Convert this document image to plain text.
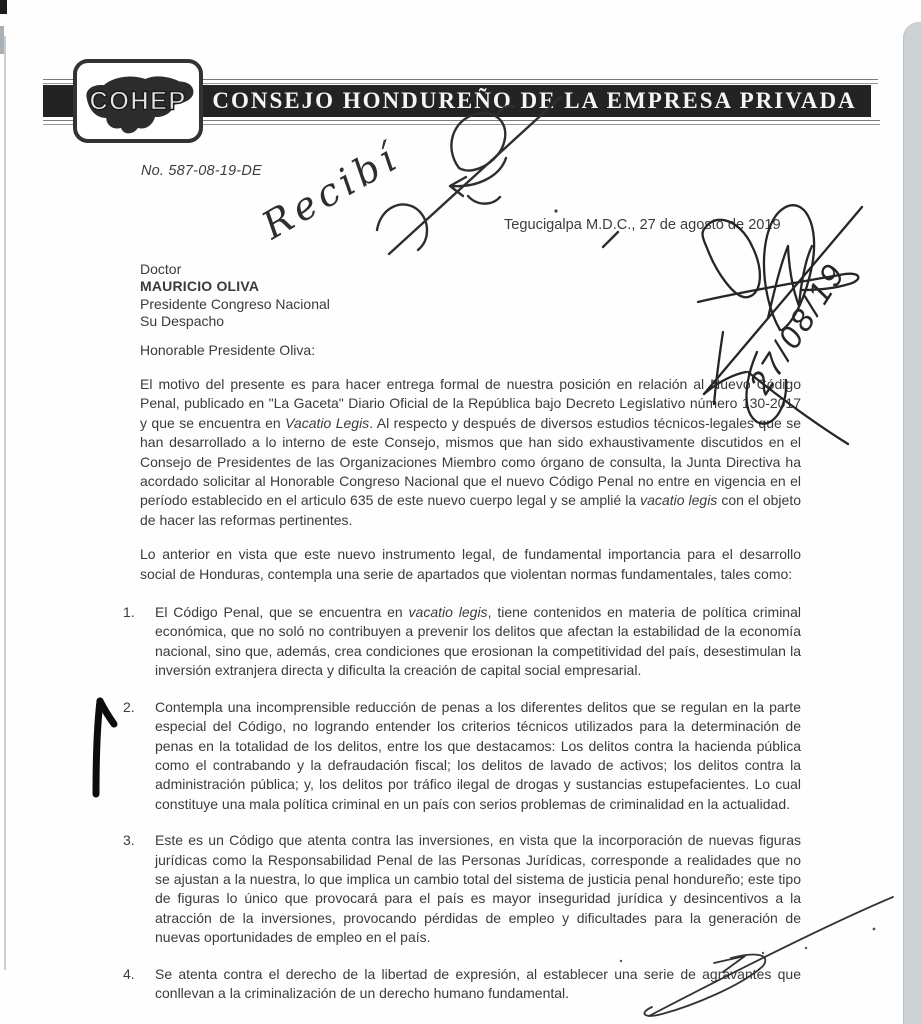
CONSEJO HONDUREÑO DE LA EMPRESA PRIVADA
COHEP
No. 587-08-19-DE
Tegucigalpa M.D.C., 27 de agosto de 2019
Doctor
MAURICIO OLIVA
Presidente Congreso Nacional
Su Despacho
Honorable Presidente Oliva:

El motivo del presente es para hacer entrega formal de nuestra posición en relación al Nuevo Código Penal, publicado en "La Gaceta" Diario Oficial de la República bajo Decreto Legislativo número 130-2017 y que se encuentra en Vacatio Legis. Al respecto y después de diversos estudios técnicos-legales que se han desarrollado a lo interno de este Consejo, mismos que han sido exhaustivamente discutidos en el Consejo de Presidentes de las Organizaciones Miembro como órgano de consulta, la Junta Directiva ha acordado solicitar al Honorable Congreso Nacional que el nuevo Código Penal no entre en vigencia en el período establecido en el articulo 635 de este nuevo cuerpo legal y se amplié la vacatio legis con el objeto de hacer las reformas pertinentes.

Lo anterior en vista que este nuevo instrumento legal, de fundamental importancia para el desarrollo social de Honduras, contempla una serie de apartados que violentan normas fundamentales, tales como:

1.	El Código Penal, que se encuentra en vacatio legis, tiene contenidos en materia de política criminal económica, que no soló no contribuyen a prevenir los delitos que afectan la estabilidad de la economía nacional, sino que, además, crea condiciones que erosionan la competitividad del país, desestimulan la inversión extranjera directa y dificulta la creación de capital social empresarial.
2.	Contempla una incomprensible reducción de penas a los diferentes delitos que se regulan en la parte especial del Código, no logrando entender los criterios técnicos utilizados para la determinación de penas en la totalidad de los delitos, entre los que destacamos: Los delitos contra la hacienda pública como el contrabando y la defraudación fiscal; los delitos de lavado de activos; los delitos contra la administración pública; y, los delitos por tráfico ilegal de drogas y sustancias estupefacientes. Lo cual constituye una mala política criminal en un país con serios problemas de criminalidad en la actualidad.
3.	Este es un Código que atenta contra las inversiones, en vista que la incorporación de nuevas figuras jurídicas como la Responsabilidad Penal de las Personas Jurídicas, corresponde a realidades que no se ajustan a la nuestra, lo que implica un cambio total del sistema de justicia penal hondureño; este tipo de figuras lo único que provocará para el país es mayor inseguridad jurídica y desincentivos a la atracción de la inversiones, provocando pérdidas de empleo y dificultades para la generación de nuevas oportunidades de empleo en el país.
4.	Se atenta contra el derecho de la libertad de expresión, al establecer una serie de agravantes que conllevan a la criminalización de un derecho humano fundamental.
Recibí
27/08/19
